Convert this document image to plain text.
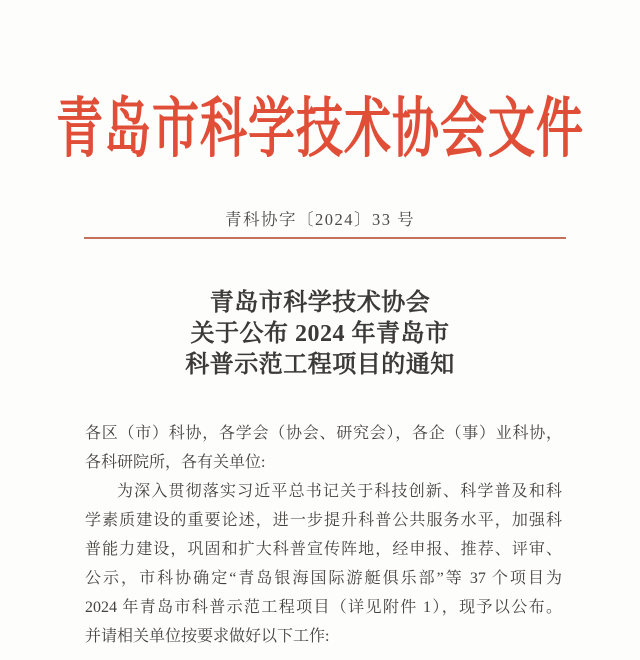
青岛市科学技术协会文件
青科协字〔2024〕33 号
青岛市科学技术协会
关于公布 2024 年青岛市
科普示范工程项目的通知
各区（市）科协，各学会（协会、研究会），各企（事）业科协，
各科研院所，各有关单位:
为深入贯彻落实习近平总书记关于科技创新、科学普及和科
学素质建设的重要论述，进一步提升科普公共服务水平，加强科
普能力建设，巩固和扩大科普宣传阵地，经申报、推荐、评审、
公示，市科协确定“青岛银海国际游艇俱乐部”等 37 个项目为
2024 年青岛市科普示范工程项目（详见附件 1），现予以公布。
并请相关单位按要求做好以下工作:
